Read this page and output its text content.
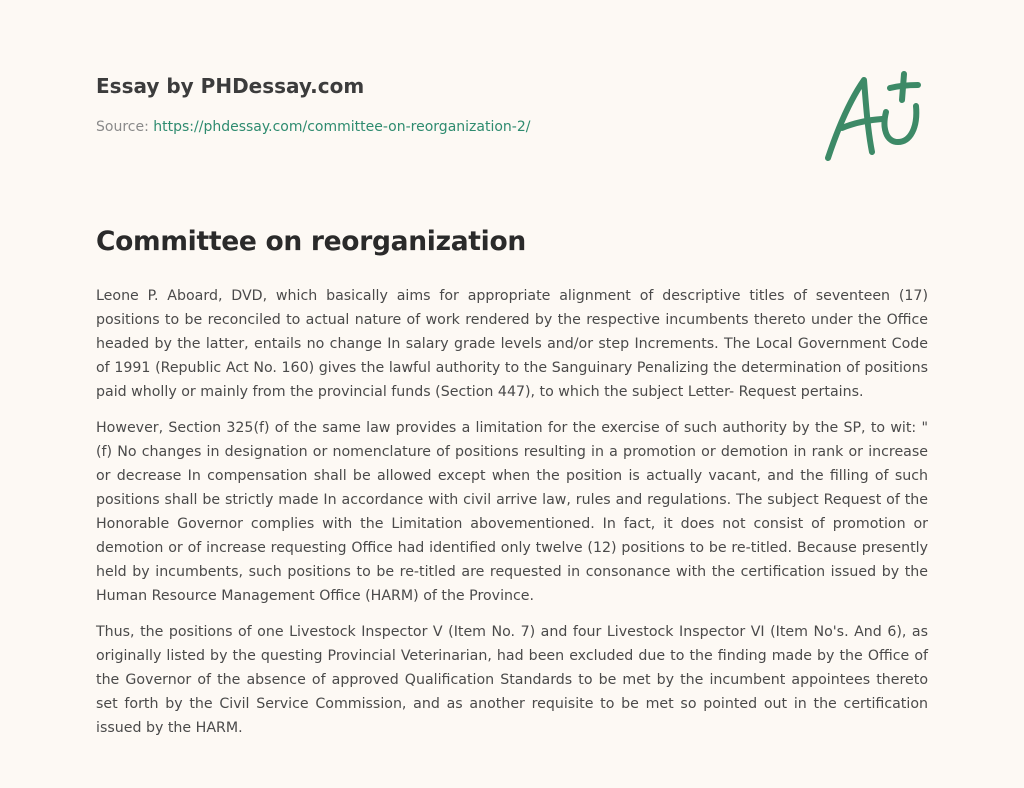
Essay by PHDessay.com
Source: https://phdessay.com/committee-on-reorganization-2/
Committee on reorganization

Leone P. Aboard, DVD, which basically aims for appropriate alignment of descriptive titles of seventeen (17) positions to be reconciled to actual nature of work rendered by the respective incumbents thereto under the Office headed by the latter, entails no change In salary grade levels and/or step Increments. The Local Government Code of 1991 (Republic Act No. 160) gives the lawful authority to the Sanguinary Penalizing the determination of positions paid wholly or mainly from the provincial funds (Section 447), to which the subject Letter- Request pertains.

However, Section 325(f) of the same law provides a limitation for the exercise of such authority by the SP, to wit: "(f) No changes in designation or nomenclature of positions resulting in a promotion or demotion in rank or increase or decrease In compensation shall be allowed except when the position is actually vacant, and the filling of such positions shall be strictly made In accordance with civil arrive law, rules and regulations. The subject Request of the Honorable Governor complies with the Limitation abovementioned. In fact, it does not consist of promotion or demotion or of increase requesting Office had identified only twelve (12) positions to be re-titled. Because presently held by incumbents, such positions to be re-titled are requested in consonance with the certification issued by the Human Resource Management Office (HARM) of the Province.

Thus, the positions of one Livestock Inspector V (Item No. 7) and four Livestock Inspector VI (Item No's. And 6), as originally listed by the questing Provincial Veterinarian, had been excluded due to the finding made by the Office of the Governor of the absence of approved Qualification Standards to be met by the incumbent appointees thereto set forth by the Civil Service Commission, and as another requisite to be met so pointed out in the certification issued by the HARM.
